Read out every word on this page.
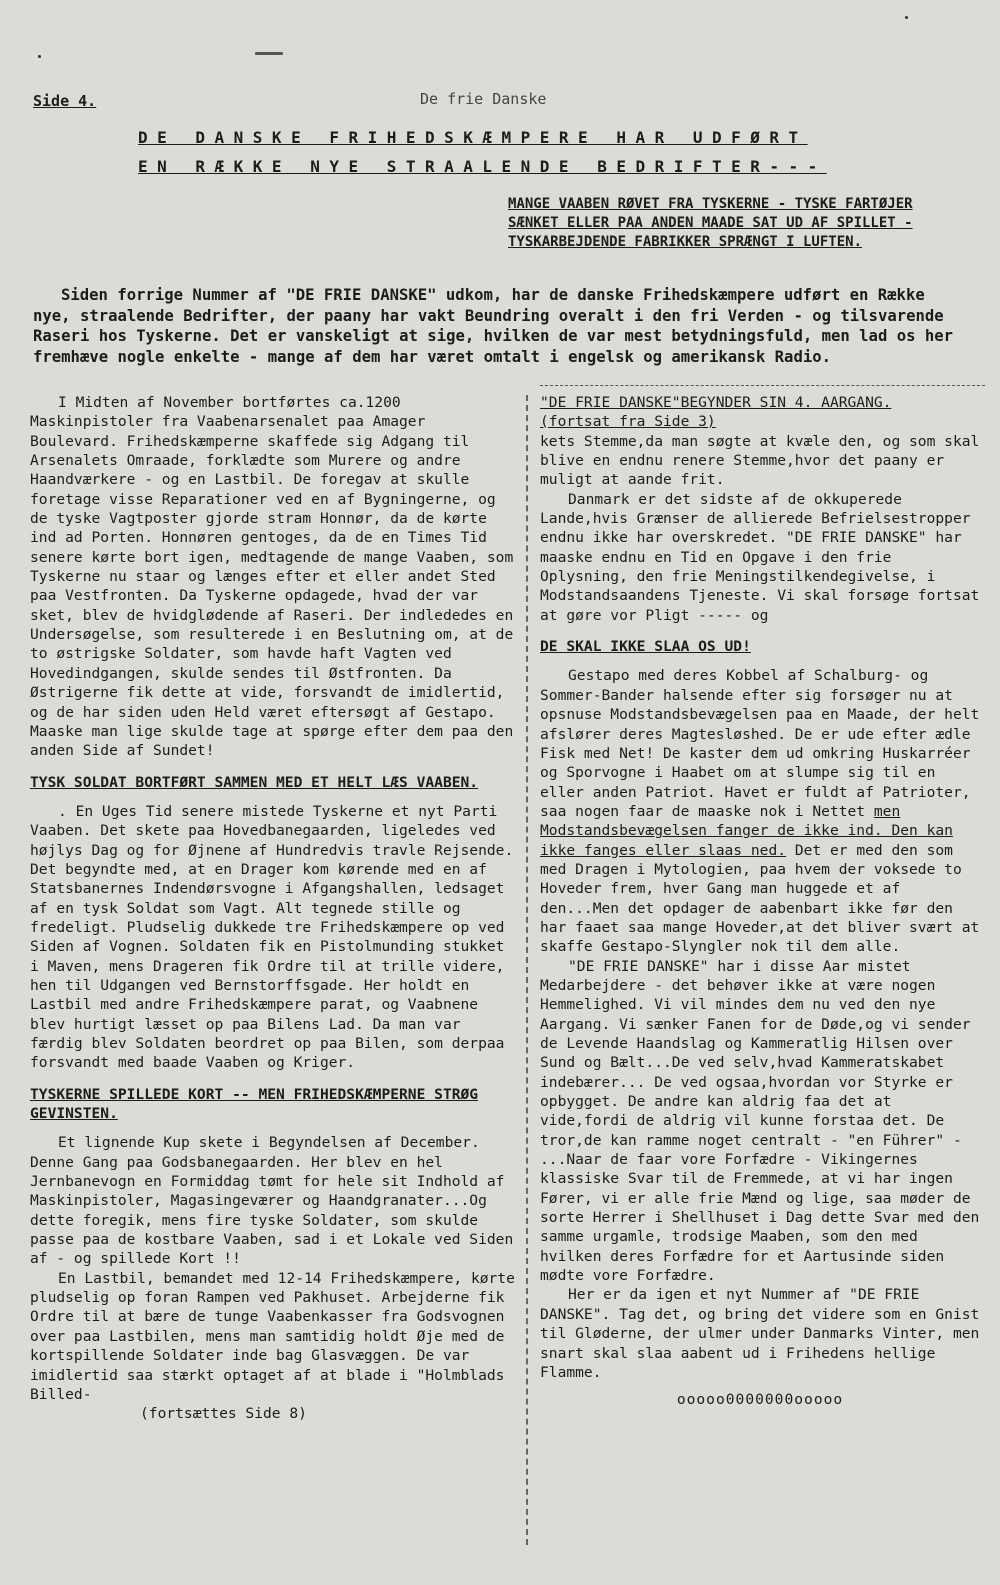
Side 4.	De frie Danske
DE DANSKE FRIHEDSKÆMPERE HAR UDFØRT
EN RÆKKE NYE STRAALENDE BEDRIFTER---

MANGE VAABEN RØVET FRA TYSKERNE - TYSKE FARTØJER SÆNKET ELLER PAA ANDEN MAADE SAT UD AF SPILLET - TYSKARBEJDENDE FABRIKKER SPRÆNGT I LUFTEN.

Siden forrige Nummer af "DE FRIE DANSKE" udkom, har de danske Frihedskæmpere udført en Række nye, straalende Bedrifter, der paany har vakt Beundring overalt i den fri Verden - og tilsvarende Raseri hos Tyskerne. Det er vanskeligt at sige, hvilken de var mest betydningsfuld, men lad os her fremhæve nogle enkelte - mange af dem har været omtalt i engelsk og amerikansk Radio.

I Midten af November bortførtes ca.1200 Maskinpistoler fra Vaabenarsenalet paa Amager Boulevard. Frihedskæmperne skaffede sig Adgang til Arsenalets Omraade, forklædte som Murere og andre Haandværkere - og en Lastbil. De foregav at skulle foretage visse Reparationer ved en af Bygningerne, og de tyske Vagtposter gjorde stram Honnør, da de kørte ind ad Porten. Honnøren gentoges, da de en Times Tid senere kørte bort igen, medtagende de mange Vaaben, som Tyskerne nu staar og længes efter et eller andet Sted paa Vestfronten. Da Tyskerne opdagede, hvad der var sket, blev de hvidglødende af Raseri. Der indlededes en Undersøgelse, som resulterede i en Beslutning om, at de to østrigske Soldater, som havde haft Vagten ved Hovedindgangen, skulde sendes til Østfronten. Da Østrigerne fik dette at vide, forsvandt de imidlertid, og de har siden uden Held været eftersøgt af Gestapo. Maaske man lige skulde tage at spørge efter dem paa den anden Side af Sundet!

TYSK SOLDAT BORTFØRT SAMMEN MED ET HELT LÆS VAABEN.

. En Uges Tid senere mistede Tyskerne et nyt Parti Vaaben. Det skete paa Hovedbanegaarden, ligeledes ved højlys Dag og for Øjnene af Hundredvis travle Rejsende. Det begyndte med, at en Drager kom kørende med en af Statsbanernes Indendørsvogne i Afgangshallen, ledsaget af en tysk Soldat som Vagt. Alt tegnede stille og fredeligt. Pludselig dukkede tre Frihedskæmpere op ved Siden af Vognen. Soldaten fik en Pistolmunding stukket i Maven, mens Drageren fik Ordre til at trille videre, hen til Udgangen ved Bernstorffsgade. Her holdt en Lastbil med andre Frihedskæmpere parat, og Vaabnene blev hurtigt læsset op paa Bilens Lad. Da man var færdig blev Soldaten beordret op paa Bilen, som derpaa forsvandt med baade Vaaben og Kriger.

TYSKERNE SPILLEDE KORT -- MEN FRIHEDSKÆMPERNE STRØG GEVINSTEN.

Et lignende Kup skete i Begyndelsen af December. Denne Gang paa Godsbanegaarden. Her blev en hel Jernbanevogn en Formiddag tømt for hele sit Indhold af Maskinpistoler, Magasingeværer og Haandgranater...Og dette foregik, mens fire tyske Soldater, som skulde passe paa de kostbare Vaaben, sad i et Lokale ved Siden af - og spillede Kort !!

En Lastbil, bemandet med 12-14 Frihedskæmpere, kørte pludselig op foran Rampen ved Pakhuset. Arbejderne fik Ordre til at bære de tunge Vaabenkasser fra Godsvognen over paa Lastbilen, mens man samtidig holdt Øje med de kortspillende Soldater inde bag Glasvæggen. De var imidlertid saa stærkt optaget af at blade i "Holmblads Billed-

(fortsættes Side 8)

"DE FRIE DANSKE"BEGYNDER SIN 4. AARGANG.

(fortsat fra Side 3)

kets Stemme,da man søgte at kvæle den, og som skal blive en endnu renere Stemme,hvor det paany er muligt at aande frit.

Danmark er det sidste af de okkuperede Lande,hvis Grænser de allierede Befrielsestropper endnu ikke har overskredet. "DE FRIE DANSKE" har maaske endnu en Tid en Opgave i den frie Oplysning, den frie Meningstilkendegivelse, i Modstandsaandens Tjeneste. Vi skal forsøge fortsat at gøre vor Pligt ----- og

DE SKAL IKKE SLAA OS UD!

Gestapo med deres Kobbel af Schalburg- og Sommer-Bander halsende efter sig forsøger nu at opsnuse Modstandsbevægelsen paa en Maade, der helt afslører deres Magtesløshed. De er ude efter ædle Fisk med Net! De kaster dem ud omkring Huskarréer og Sporvogne i Haabet om at slumpe sig til en eller anden Patriot. Havet er fuldt af Patrioter, saa nogen faar de maaske nok i Nettet men Modstandsbevægelsen fanger de ikke ind. Den kan ikke fanges eller slaas ned. Det er med den som med Dragen i Mytologien, paa hvem der voksede to Hoveder frem, hver Gang man huggede et af den...Men det opdager de aabenbart ikke før den har faaet saa mange Hoveder,at det bliver svært at skaffe Gestapo-Slyngler nok til dem alle.

"DE FRIE DANSKE" har i disse Aar mistet Medarbejdere - det behøver ikke at være nogen Hemmelighed. Vi vil mindes dem nu ved den nye Aargang. Vi sænker Fanen for de Døde,og vi sender de Levende Haandslag og Kammeratlig Hilsen over Sund og Bælt...De ved selv,hvad Kammeratskabet indebærer... De ved ogsaa,hvordan vor Styrke er opbygget. De andre kan aldrig faa det at vide,fordi de aldrig vil kunne forstaa det. De tror,de kan ramme noget centralt - "en Führer" - ...Naar de faar vore Forfædre - Vikingernes klassiske Svar til de Fremmede, at vi har ingen Fører, vi er alle frie Mænd og lige, saa møder de sorte Herrer i Shellhuset i Dag dette Svar med den samme urgamle, trodsige Maaben, som den med hvilken deres Forfædre for et Aartusinde siden mødte vore Forfædre.

Her er da igen et nyt Nummer af "DE FRIE DANSKE". Tag det, og bring det videre som en Gnist til Gløderne, der ulmer under Danmarks Vinter, men snart skal slaa aabent ud i Frihedens hellige Flamme.

ooooo0000000ooooo
